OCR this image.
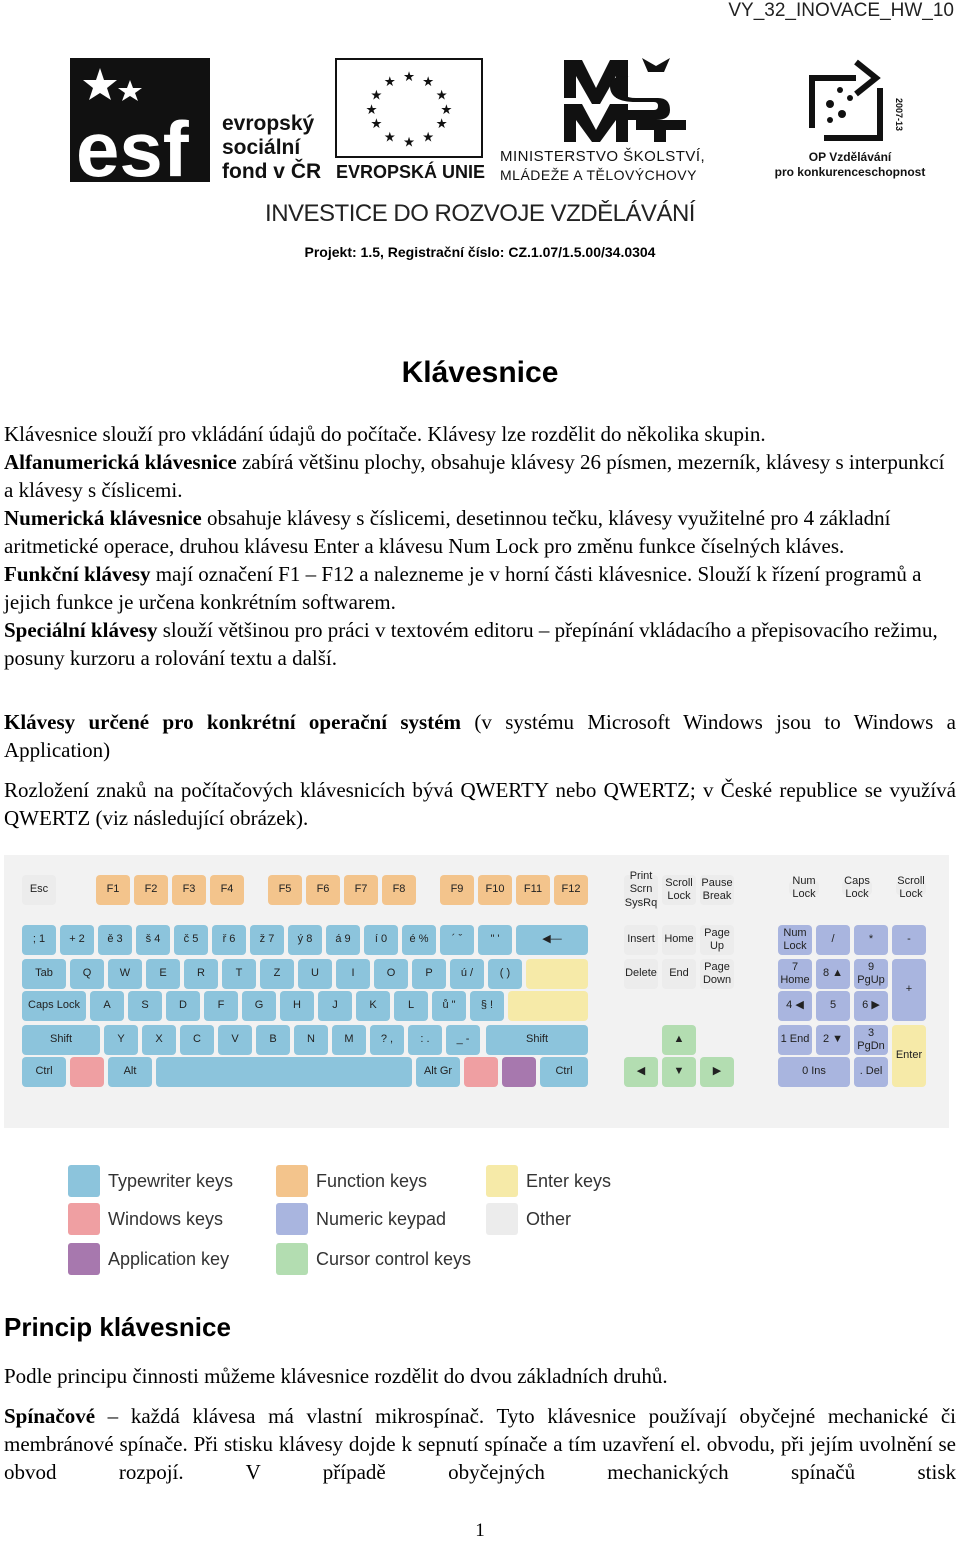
VY_32_INOVACE_HW_10
esf evropský
sociální
fond v ČR
★ ★
★
★
★
★
★
★
★
★
★
★
EVROPSKÁ UNIE
MINISTERSTVO ŠKOLSTVÍ,
MLÁDEŽE A TĚLOVÝCHOVY
2007-13
OP Vzdělávání
pro konkurenceschopnost
INVESTICE DO ROZVOJE VZDĚLÁVÁNÍ
Projekt: 1.5, Registrační číslo: CZ.1.07/1.5.00/34.0304
Klávesnice
Klávesnice slouží pro vkládání údajů do počítače. Klávesy lze rozdělit do několika skupin.
Alfanumerická klávesnice zabírá většinu plochy, obsahuje klávesy 26 písmen, mezerník, klávesy s interpunkcí a klávesy s číslicemi.
Numerická klávesnice obsahuje klávesy s číslicemi, desetinnou tečku, klávesy využitelné pro 4 základní aritmetické operace, druhou klávesu Enter a klávesu Num Lock pro změnu funkce číselných kláves.
Funkční klávesy mají označení F1 – F12 a nalezneme je v horní části klávesnice. Slouží k řízení programů a jejich funkce je určena konkrétním softwarem.
Speciální klávesy slouží většinou pro práci v textovém editoru – přepínání vkládacího a přepisovacího režimu, posuny kurzoru a rolování textu a další.
Klávesy určené pro konkrétní operační systém (v systému Microsoft Windows jsou to Windows a Application)
Rozložení znaků na počítačových klávesnicích bývá QWERTY nebo QWERTZ; v České republice se využívá QWERTZ (viz následující obrázek).
Esc	F1	F2	F3	F4	F5	F6	F7	F8	F9	F10	F11	F12
Print Scrn SysRq
Scroll Lock
Pause Break
Num Lock
Caps Lock
Scroll Lock
; 1	+ 2	ě 3	š 4	č 5	ř 6	ž 7	ý 8	á 9	í 0	é %	´ ˇ	" '	◀—
Tab	Q	W	E	R	T	Z	U	I	O	P	ú /	( )
Caps Lock	A	S	D	F	G	H	J	K	L	ů "	§ !
Shift	Y	X	C	V	B	N	M	? ,	: .	_ -	Shift
Ctrl	Alt	Alt Gr	Ctrl
Insert Home
Page Up
Delete	End
Page Down
▲
◀	▼	▶
Num Lock
/	*	-
7 Home
8 ▲
9 PgUp
+
4 ◀	5	6 ▶
1 End	2 ▼
3 PgDn
Enter
0 Ins	. Del
Typewriter keys	Function keys	Enter keys
Windows keys	Numeric keypad	Other
Application key	Cursor control keys
Princip klávesnice
Podle principu činnosti můžeme klávesnice rozdělit do dvou základních druhů.
Spínačové – každá klávesa má vlastní mikrospínač. Tyto klávesnice používají obyčejné mechanické či membránové spínače. Při stisku klávesy dojde k sepnutí spínače a tím uzavření el. obvodu, při jejím uvolnění se obvod rozpojí. V případě obyčejných mechanických spínačů stisk
1
